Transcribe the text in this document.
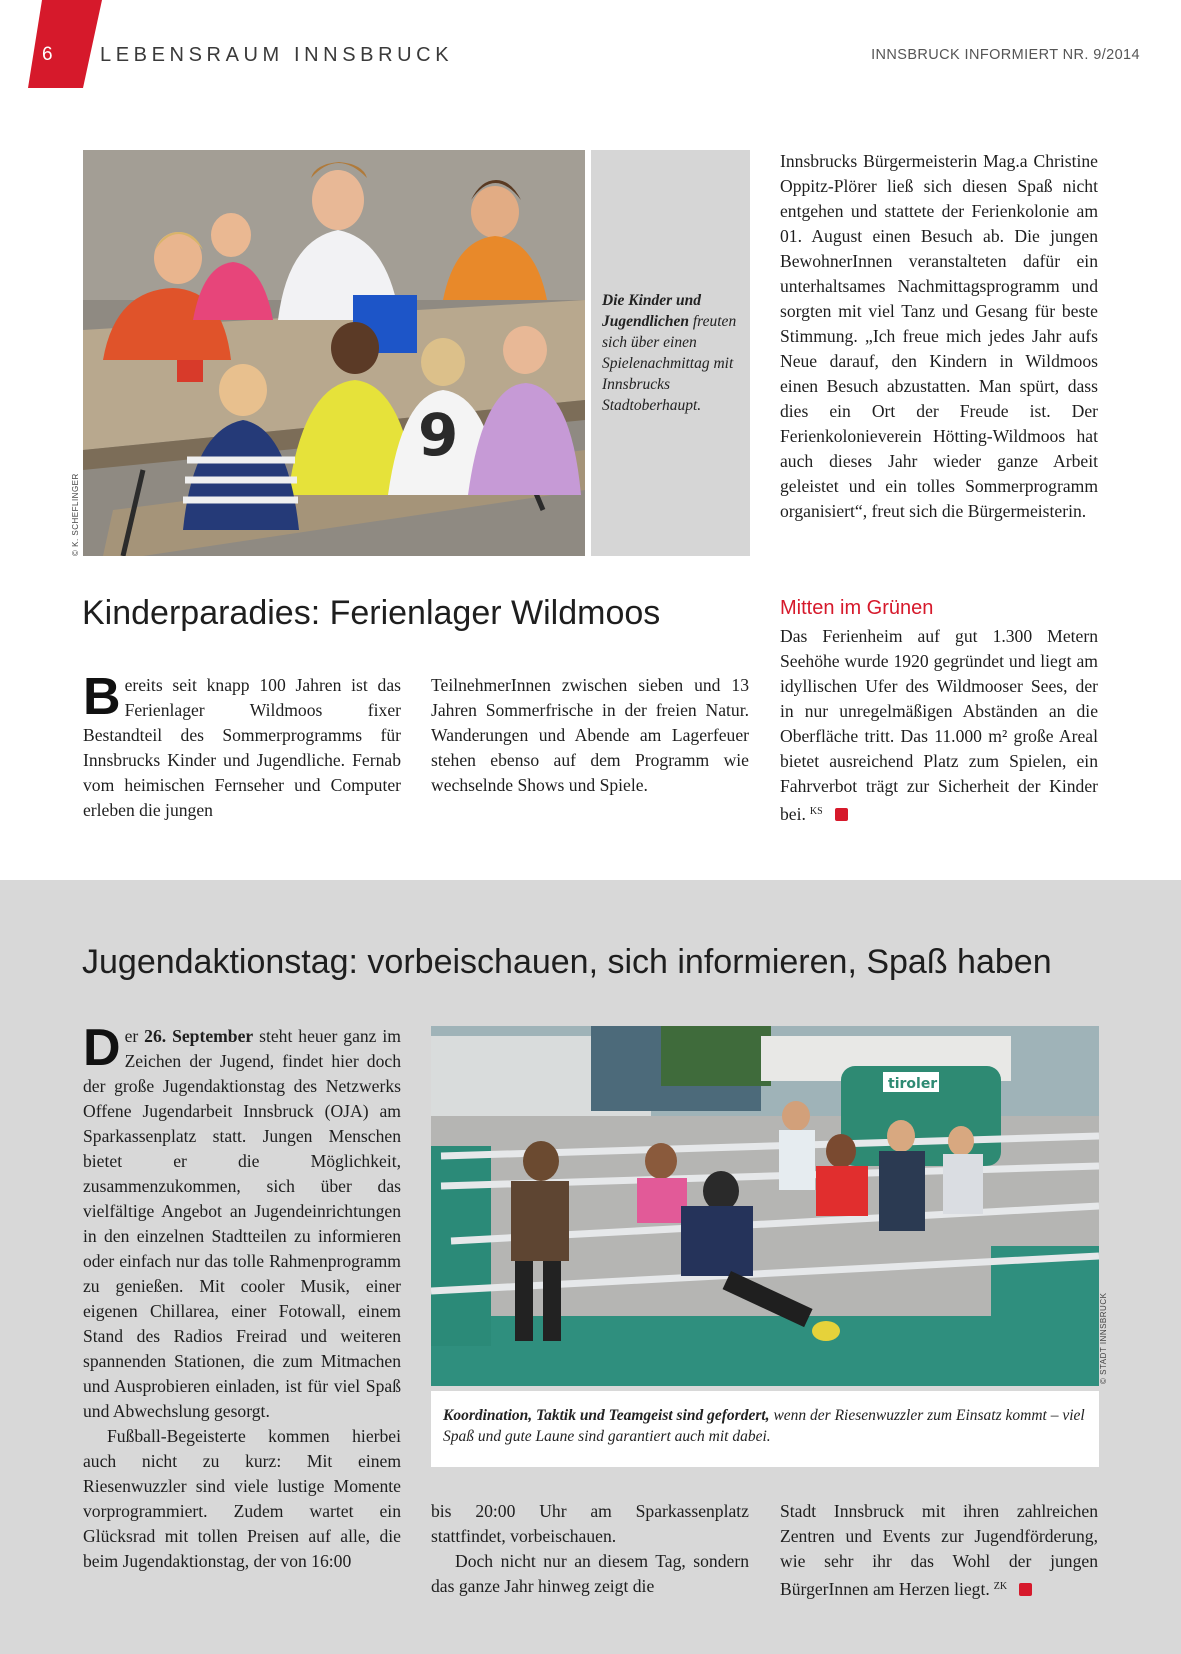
6	LEBENSRAUM INNSBRUCK	INNSBRUCK INFORMIERT NR. 9/2014
9
© K. SCHEFLINGER

Die Kinder und Jugendlichen freuten sich über einen Spielenachmittag mit Innsbrucks Stadtoberhaupt.

Innsbrucks Bürgermeisterin Mag.a Christine Oppitz-Plörer ließ sich diesen Spaß nicht entgehen und stattete der Ferienkolonie am 01. August einen Besuch ab. Die jungen BewohnerInnen veranstalteten dafür ein unterhaltsames Nachmittagsprogramm und sorgten mit viel Tanz und Gesang für beste Stimmung. „Ich freue mich jedes Jahr aufs Neue darauf, den Kindern in Wildmoos einen Besuch abzustatten. Man spürt, dass dies ein Ort der Freude ist. Der Ferienkolonieverein Hötting-Wildmoos hat auch dieses Jahr wieder ganze Arbeit geleistet und ein tolles Sommerprogramm organisiert“, freut sich die Bürgermeisterin.

Kinderparadies: Ferienlager Wildmoos

Bereits seit knapp 100 Jahren ist das Ferienlager Wildmoos fixer Bestandteil des Sommerprogramms für Innsbrucks Kinder und Jugendliche. Fernab vom heimischen Fernseher und Computer erleben die jungen

TeilnehmerInnen zwischen sieben und 13 Jahren Sommerfrische in der freien Natur. Wanderungen und Abende am Lagerfeuer stehen ebenso auf dem Programm wie wechselnde Shows und Spiele.

Mitten im Grünen

Das Ferienheim auf gut 1.300 Metern Seehöhe wurde 1920 gegründet und liegt am idyllischen Ufer des Wildmooser Sees, der in nur unregelmäßigen Abständen an die Oberfläche tritt. Das 11.000 m² große Areal bietet ausreichend Platz zum Spielen, ein Fahrverbot trägt zur Sicherheit der Kinder bei. $^{KS}$

Jugendaktionstag: vorbeischauen, sich informieren, Spaß haben

Der 26. September steht heuer ganz im Zeichen der Jugend, findet hier doch der große Jugendaktionstag des Netzwerks Offene Jugendarbeit Innsbruck (OJA) am Sparkassenplatz statt. Jungen Menschen bietet er die Möglichkeit, zusammenzukommen, sich über das vielfältige Angebot an Jugendeinrichtungen in den einzelnen Stadtteilen zu informieren oder einfach nur das tolle Rahmenprogramm zu genießen. Mit cooler Musik, einer eigenen Chillarea, einer Fotowall, einem Stand des Radios Freirad und weiteren spannenden Stationen, die zum Mitmachen und Ausprobieren einladen, ist für viel Spaß und Abwechslung gesorgt.

Fußball-Begeisterte kommen hierbei auch nicht zu kurz: Mit einem Riesenwuzzler sind viele lustige Momente vorprogrammiert. Zudem wartet ein Glücksrad mit tollen Preisen auf alle, die beim Jugendaktionstag, der von 16:00

tiroler
© STADT INNSBRUCK

Koordination, Taktik und Teamgeist sind gefordert, wenn der Riesenwuzzler zum Einsatz kommt – viel Spaß und gute Laune sind garantiert auch mit dabei.

bis 20:00 Uhr am Sparkassenplatz stattfindet, vorbeischauen.

Doch nicht nur an diesem Tag, sondern das ganze Jahr hinweg zeigt die

Stadt Innsbruck mit ihren zahlreichen Zentren und Events zur Jugendförderung, wie sehr ihr das Wohl der jungen BürgerInnen am Herzen liegt. $^{ZK}$
